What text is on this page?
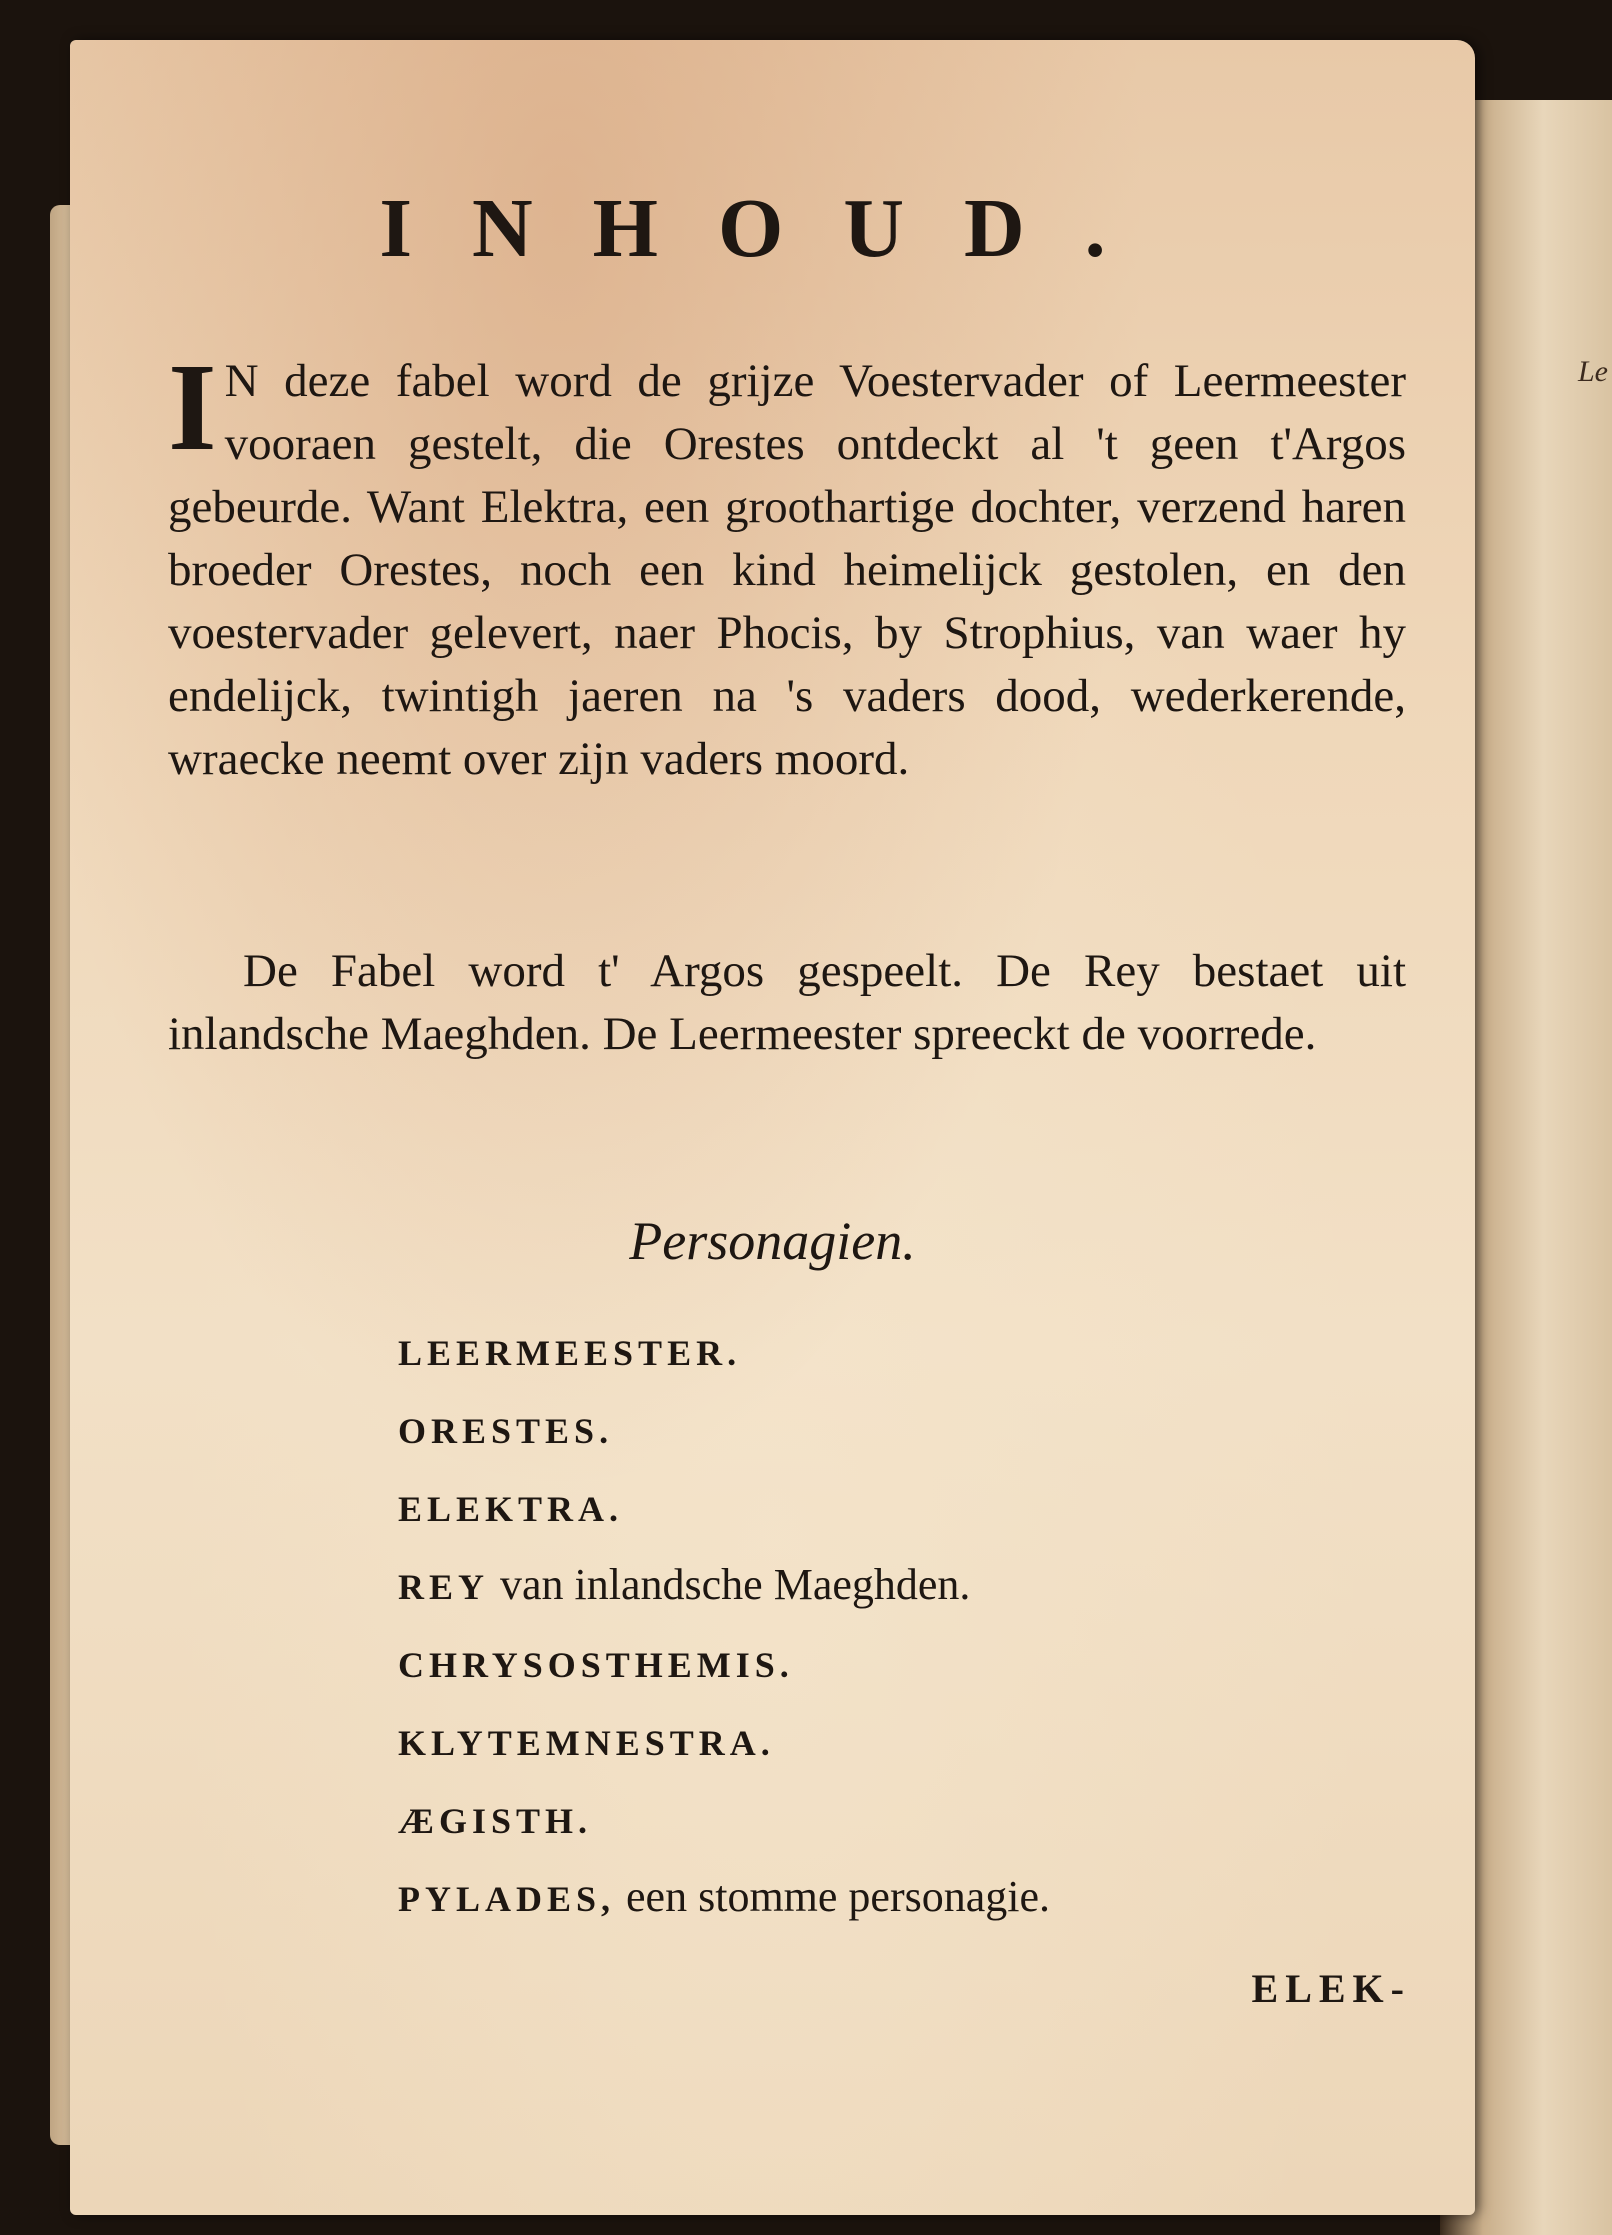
Le
INHOUD.
I N deze fabel word de grijze Voestervader of Leermeester vooraen gestelt, die Orestes ontdeckt al 't geen t'Argos gebeurde. Want Elektra, een groothartige dochter, verzend haren broeder Orestes, noch een kind heimelijck gestolen, en den voestervader gelevert, naer Phocis, by Strophius, van waer hy endelijck, twintigh jaeren na 's vaders dood, wederkerende, wraecke neemt over zijn vaders moord.
De Fabel word t' Argos gespeelt. De Rey bestaet uit inlandsche Maeghden. De Leermeester spreeckt de voorrede.
Personagien.
LEERMEESTER.
ORESTES.
ELEKTRA.
REY van inlandsche Maeghden.
CHRYSOSTHEMIS.
KLYTEMNESTRA.
ÆGISTH.
PYLADES, een stomme personagie.
ELEK-
